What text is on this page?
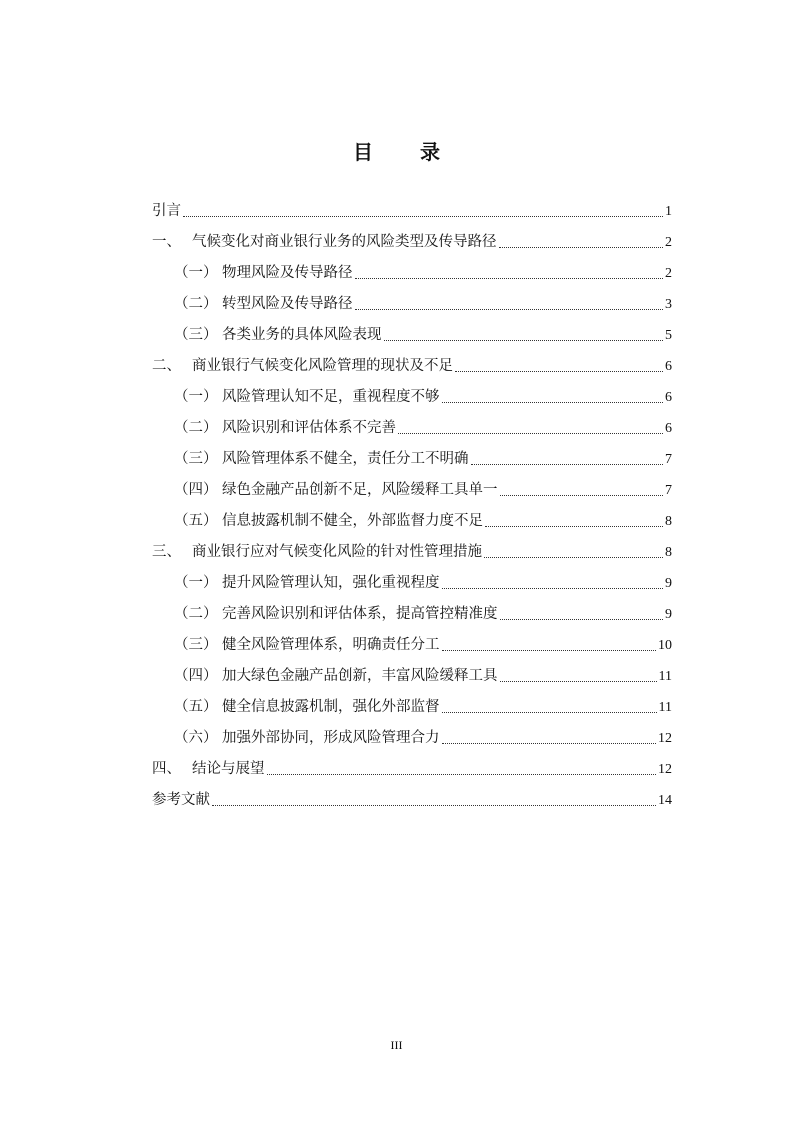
目 录
引言	1
一、 气候变化对商业银行业务的风险类型及传导路径	2
（一） 物理风险及传导路径	2
（二） 转型风险及传导路径	3
（三） 各类业务的具体风险表现	5
二、 商业银行气候变化风险管理的现状及不足	6
（一） 风险管理认知不足，重视程度不够	6
（二） 风险识别和评估体系不完善	6
（三） 风险管理体系不健全，责任分工不明确	7
（四） 绿色金融产品创新不足，风险缓释工具单一	7
（五） 信息披露机制不健全，外部监督力度不足	8
三、 商业银行应对气候变化风险的针对性管理措施	8
（一） 提升风险管理认知，强化重视程度	9
（二） 完善风险识别和评估体系，提高管控精准度	9
（三） 健全风险管理体系，明确责任分工	10
（四） 加大绿色金融产品创新，丰富风险缓释工具	11
（五） 健全信息披露机制，强化外部监督	11
（六） 加强外部协同，形成风险管理合力	12
四、 结论与展望	12
参考文献	14
III
